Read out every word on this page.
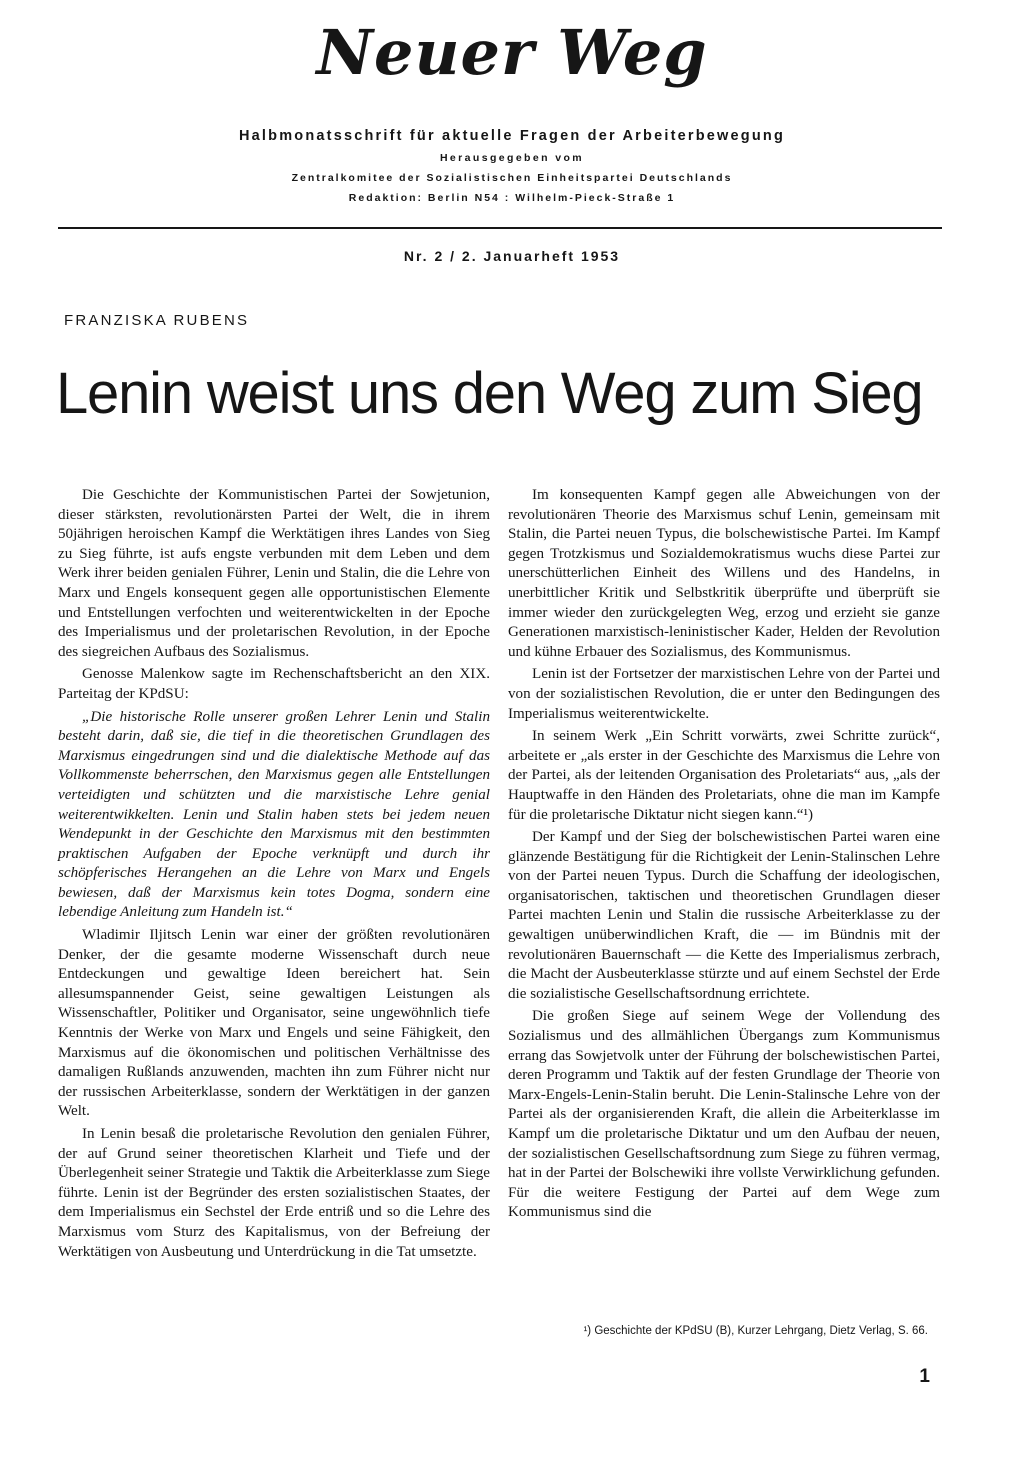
Neuer Weg
Halbmonatsschrift für aktuelle Fragen der Arbeiterbewegung
Herausgegeben vom
Zentralkomitee der Sozialistischen Einheitspartei Deutschlands
Redaktion: Berlin N54 : Wilhelm-Pieck-Straße 1
Nr. 2 / 2. Januarheft 1953
FRANZISKA RUBENS
Lenin weist uns den Weg zum Sieg

Die Geschichte der Kommunistischen Partei der Sowjetunion, dieser stärksten, revolutionärsten Partei der Welt, die in ihrem 50jährigen heroischen Kampf die Werktätigen ihres Landes von Sieg zu Sieg führte, ist aufs engste verbunden mit dem Leben und dem Werk ihrer beiden genialen Führer, Lenin und Stalin, die die Lehre von Marx und Engels konsequent gegen alle opportunistischen Elemente und Entstellungen verfochten und weiterentwickelten in der Epoche des Imperialismus und der proletarischen Revolution, in der Epoche des siegreichen Aufbaus des Sozialismus.

Genosse Malenkow sagte im Rechenschaftsbericht an den XIX. Parteitag der KPdSU:

„Die historische Rolle unserer großen Lehrer Lenin und Stalin besteht darin, daß sie, die tief in die theoretischen Grundlagen des Marxismus eingedrungen sind und die dialektische Methode auf das Vollkommenste beherrschen, den Marxismus gegen alle Entstellungen verteidigten und schützten und die marxistische Lehre genial weiterentwikkelten. Lenin und Stalin haben stets bei jedem neuen Wendepunkt in der Geschichte den Marxismus mit den bestimmten praktischen Aufgaben der Epoche verknüpft und durch ihr schöpferisches Herangehen an die Lehre von Marx und Engels bewiesen, daß der Marxismus kein totes Dogma, sondern eine lebendige Anleitung zum Handeln ist.“

Wladimir Iljitsch Lenin war einer der größten revolutionären Denker, der die gesamte moderne Wissenschaft durch neue Entdeckungen und gewaltige Ideen bereichert hat. Sein allesumspannender Geist, seine gewaltigen Leistungen als Wissenschaftler, Politiker und Organisator, seine ungewöhnlich tiefe Kenntnis der Werke von Marx und Engels und seine Fähigkeit, den Marxismus auf die ökonomischen und politischen Verhältnisse des damaligen Rußlands anzuwenden, machten ihn zum Führer nicht nur der russischen Arbeiterklasse, sondern der Werktätigen in der ganzen Welt.

In Lenin besaß die proletarische Revolution den genialen Führer, der auf Grund seiner theoretischen Klarheit und Tiefe und der Überlegenheit seiner Strategie und Taktik die Arbeiterklasse zum Siege führte. Lenin ist der Begründer des ersten sozialistischen Staates, der dem Imperialismus ein Sechstel der Erde entriß und so die Lehre des Marxismus vom Sturz des Kapitalismus, von der Befreiung der Werktätigen von Ausbeutung und Unterdrückung in die Tat umsetzte.

Im konsequenten Kampf gegen alle Abweichungen von der revolutionären Theorie des Marxismus schuf Lenin, gemeinsam mit Stalin, die Partei neuen Typus, die bolschewistische Partei. Im Kampf gegen Trotzkismus und Sozialdemokratismus wuchs diese Partei zur unerschütterlichen Einheit des Willens und des Handelns, in unerbittlicher Kritik und Selbstkritik überprüfte und überprüft sie immer wieder den zurückgelegten Weg, erzog und erzieht sie ganze Generationen marxistisch-leninistischer Kader, Helden der Revolution und kühne Erbauer des Sozialismus, des Kommunismus.

Lenin ist der Fortsetzer der marxistischen Lehre von der Partei und von der sozialistischen Revolution, die er unter den Bedingungen des Imperialismus weiterentwickelte.

In seinem Werk „Ein Schritt vorwärts, zwei Schritte zurück“, arbeitete er „als erster in der Geschichte des Marxismus die Lehre von der Partei, als der leitenden Organisation des Proletariats“ aus, „als der Hauptwaffe in den Händen des Proletariats, ohne die man im Kampfe für die proletarische Diktatur nicht siegen kann.“¹)

Der Kampf und der Sieg der bolschewistischen Partei waren eine glänzende Bestätigung für die Richtigkeit der Lenin-Stalinschen Lehre von der Partei neuen Typus. Durch die Schaffung der ideologischen, organisatorischen, taktischen und theoretischen Grundlagen dieser Partei machten Lenin und Stalin die russische Arbeiterklasse zu der gewaltigen unüberwindlichen Kraft, die — im Bündnis mit der revolutionären Bauernschaft — die Kette des Imperialismus zerbrach, die Macht der Ausbeuterklasse stürzte und auf einem Sechstel der Erde die sozialistische Gesellschaftsordnung errichtete.

Die großen Siege auf seinem Wege der Vollendung des Sozialismus und des allmählichen Übergangs zum Kommunismus errang das Sowjetvolk unter der Führung der bolschewistischen Partei, deren Programm und Taktik auf der festen Grundlage der Theorie von Marx-Engels-Lenin-Stalin beruht. Die Lenin-Stalinsche Lehre von der Partei als der organisierenden Kraft, die allein die Arbeiterklasse im Kampf um die proletarische Diktatur und um den Aufbau der neuen, der sozialistischen Gesellschaftsordnung zum Siege zu führen vermag, hat in der Partei der Bolschewiki ihre vollste Verwirklichung gefunden. Für die weitere Festigung der Partei auf dem Wege zum Kommunismus sind die

¹) Geschichte der KPdSU (B), Kurzer Lehrgang, Dietz Verlag, S. 66.
1
